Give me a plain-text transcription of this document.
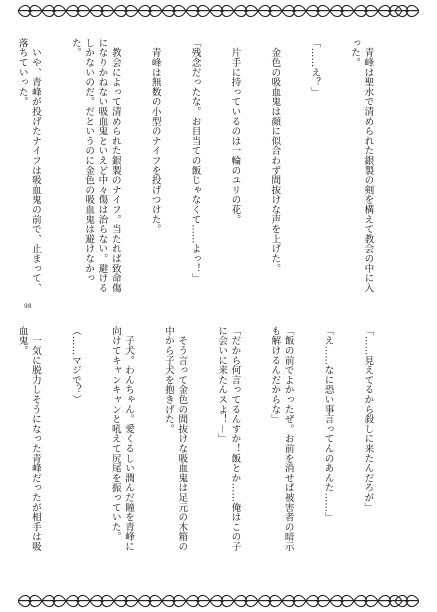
　青峰は聖水で清められた銀製の剣を構えて教会の中に入った。

「……え？」

　金色の吸血鬼は顔に似合わず間抜けな声を上げた。

　片手に持っているのは一輪のユリの花。

「残念だったな。お目当ての飯じゃなくて……よっ！」

　青峰は無数の小型のナイフを投げつけた。

　教会によって清められた銀製のナイフ。当たれば致命傷になりかねない吸血鬼といえど中々傷は治らない。避けるしかないのだ。だというのに金色の吸血鬼は避けなかった。

　いや、青峰が投げたナイフは吸血鬼の前で、止まって、落ちていった。

98

「……見えてるから殺しに来たんだろが」

「え……なに恐い事言ってんのあんた……」

「飯の前でよかったぜ。お前を消せば被害者の暗示も解けるんだからな」

「だから何言ってるんすか！飯とか……俺はこの子に会いに来たんスよ！－」

　そう言って金色の間抜けな吸血鬼は足元の木箱の中から子犬を抱きげた。

　子犬。わんちゃん。愛くるしい潤んだ瞳を青峰に向けてキャンキャンと吼えて尻尾を振っていた。

（……マジで？）

　一気に脱力しそうになった青峰だったが相手は吸血鬼。
